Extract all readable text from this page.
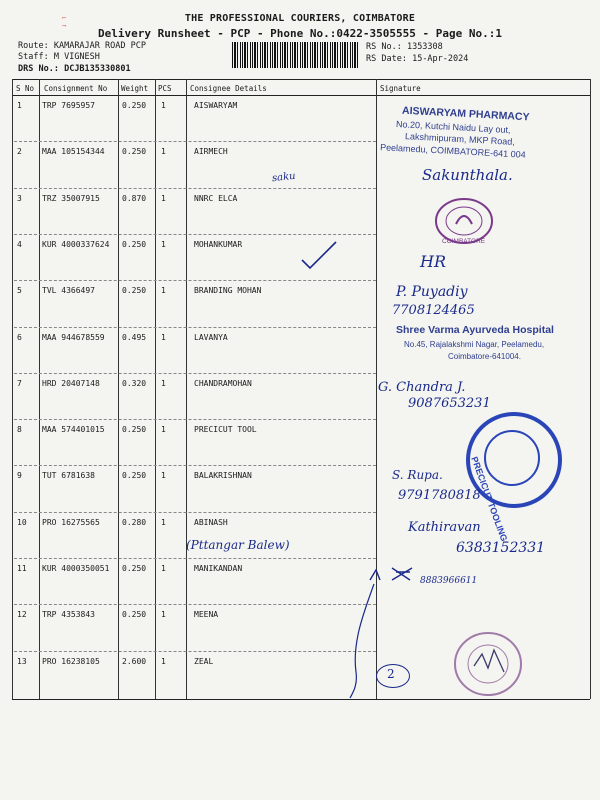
⌐ ¬
THE PROFESSIONAL COURIERS, COIMBATORE
Delivery Runsheet - PCP - Phone No.:0422-3505555 - Page No.:1
Route: KAMARAJAR ROAD PCP
Staff: M VIGNESH
DRS No.: DCJB135330801
RS No.: 1353308
RS Date: 15-Apr-2024
S No Consignment No Weight PCS Consignee Details	Signature
1	TRP 7695957	0.250 1	AISWARYAM
2	MAA 105154344 0.250 1	AIRMECH
3	TRZ 35007915	0.870 1	NNRC ELCA
4	KUR 4000337624 0.250 1	MOHANKUMAR
5	TVL 4366497	0.250 1	BRANDING MOHAN
6	MAA 944678559 0.495 1	LAVANYA
7	HRD 20407148	0.320 1	CHANDRAMOHAN
8	MAA 574401015 0.250 1	PRECICUT TOOL
9	TUT 6781638	0.250 1	BALAKRISHNAN
10 PRO 16275565	0.280 1	ABINASH
11 KUR 4000350051 0.250 1	MANIKANDAN
12 TRP 4353843	0.250 1	MEENA
13 PRO 16238105	2.600 1	ZEAL
AISWARYAM PHARMACY
No.20, Kutchi Naidu Lay out,
Lakshmipuram, MKP Road,
Peelamedu, COIMBATORE-641 004
saku	Sakunthala.
COIMBATORE
HR
P. Puyadiy
7708124465
Shree Varma Ayurveda Hospital
No.45, Rajalakshmi Nagar, Peelamedu,
Coimbatore-641004.
G. Chandra J.
9087653231
PRECICUT TOOLING
S. Rupa.
9791780818
Kathiravan
6383152331
(Pttangar Balew)
8883966611
2
